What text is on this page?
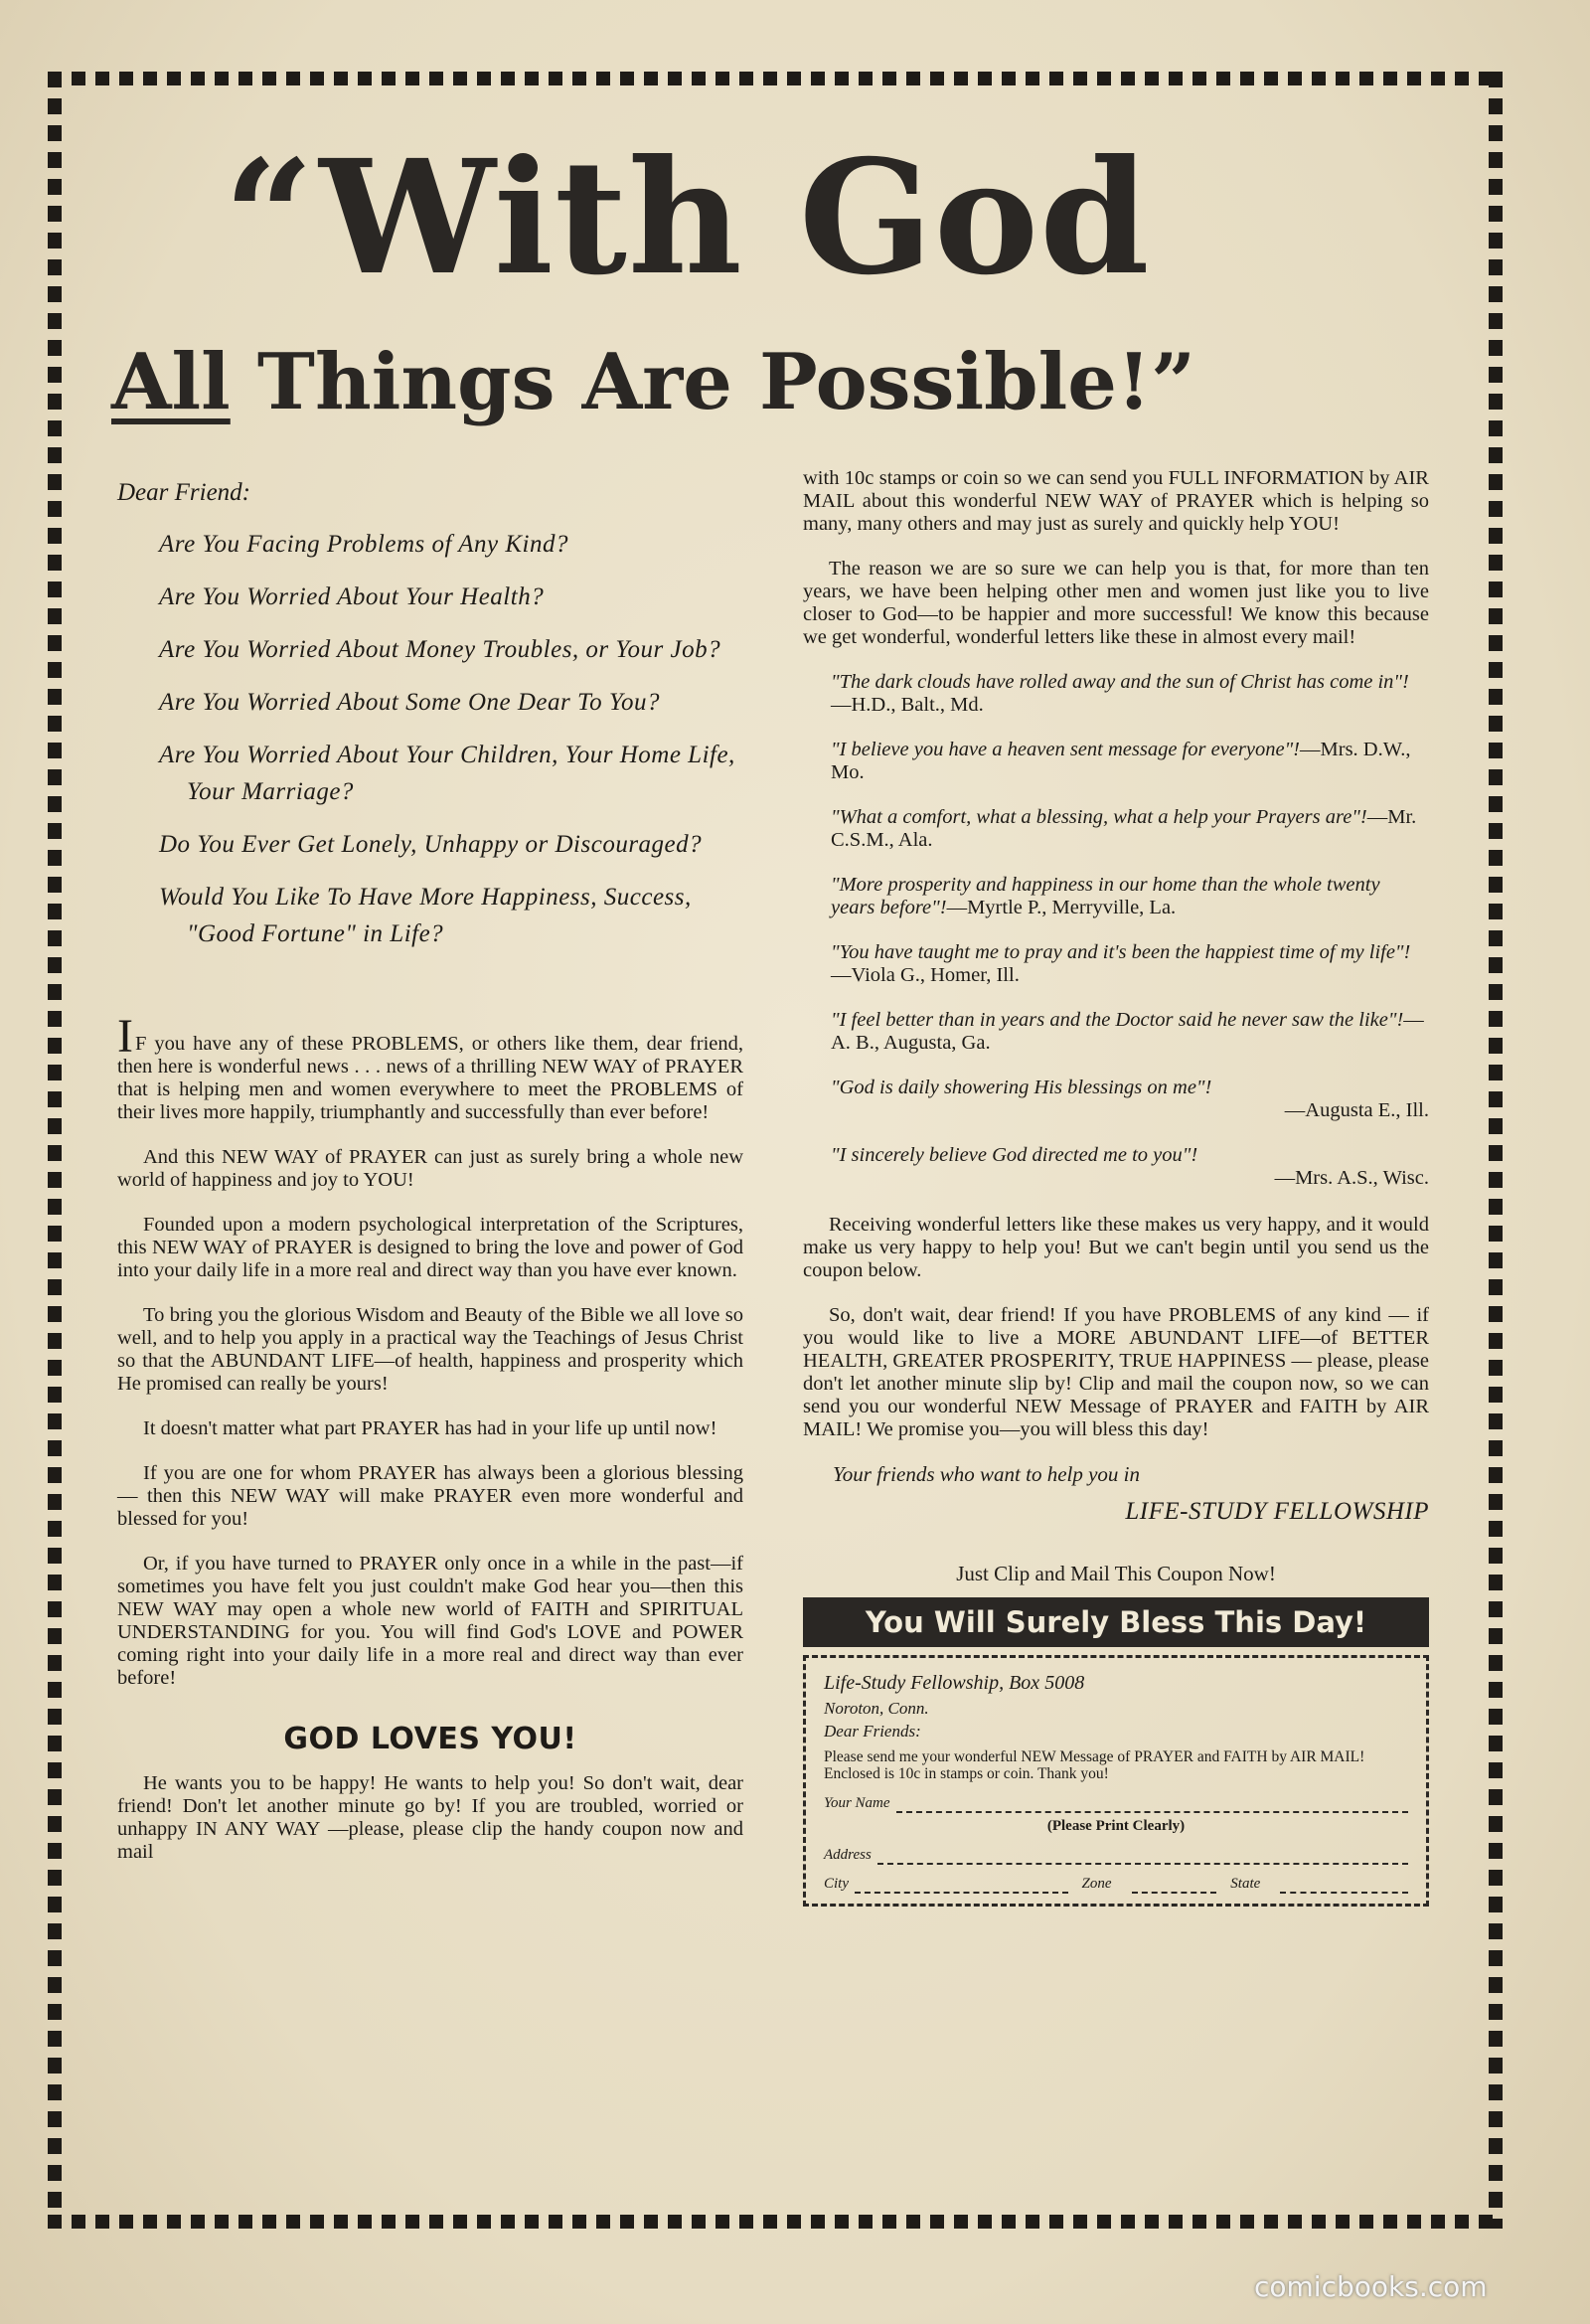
“With God
All Things Are Possible!”
Dear Friend:
Are You Facing Problems of Any Kind?
Are You Worried About Your Health?
Are You Worried About Money Troubles, or Your Job?
Are You Worried About Some One Dear To You?
Are You Worried About Your Children, Your Home Life, Your Marriage?
Do You Ever Get Lonely, Unhappy or Discouraged?
Would You Like To Have More Happiness, Success, "Good Fortune" in Life?

IF you have any of these PROBLEMS, or others like them, dear friend, then here is wonderful news . . . news of a thrilling NEW WAY of PRAYER that is helping men and women everywhere to meet the PROBLEMS of their lives more happily, triumphantly and successfully than ever before!

And this NEW WAY of PRAYER can just as surely bring a whole new world of happiness and joy to YOU!

Founded upon a modern psychological interpretation of the Scriptures, this NEW WAY of PRAYER is designed to bring the love and power of God into your daily life in a more real and direct way than you have ever known.

To bring you the glorious Wisdom and Beauty of the Bible we all love so well, and to help you apply in a practical way the Teachings of Jesus Christ so that the ABUNDANT LIFE—of health, happiness and prosperity which He promised can really be yours!

It doesn't matter what part PRAYER has had in your life up until now!

If you are one for whom PRAYER has always been a glorious blessing — then this NEW WAY will make PRAYER even more wonderful and blessed for you!

Or, if you have turned to PRAYER only once in a while in the past—if sometimes you have felt you just couldn't make God hear you—then this NEW WAY may open a whole new world of FAITH and SPIRITUAL UNDERSTANDING for you. You will find God's LOVE and POWER coming right into your daily life in a more real and direct way than ever before!

GOD LOVES YOU!

He wants you to be happy! He wants to help you! So don't wait, dear friend! Don't let another minute go by! If you are troubled, worried or unhappy IN ANY WAY —please, please clip the handy coupon now and mail

with 10c stamps or coin so we can send you FULL INFORMATION by AIR MAIL about this wonderful NEW WAY of PRAYER which is helping so many, many others and may just as surely and quickly help YOU!

The reason we are so sure we can help you is that, for more than ten years, we have been helping other men and women just like you to live closer to God—to be happier and more successful! We know this because we get wonderful, wonderful letters like these in almost every mail!

"The dark clouds have rolled away and the sun of Christ has come in"!—H.D., Balt., Md.
"I believe you have a heaven sent message for everyone"!—Mrs. D.W., Mo.
"What a comfort, what a blessing, what a help your Prayers are"!—Mr. C.S.M., Ala.
"More prosperity and happiness in our home than the whole twenty years before"!—Myrtle P., Merryville, La.
"You have taught me to pray and it's been the happiest time of my life"!—Viola G., Homer, Ill.
"I feel better than in years and the Doctor said he never saw the like"!—A. B., Augusta, Ga.
"God is daily showering His blessings on me"!
—Augusta E., Ill.
"I sincerely believe God directed me to you"!
—Mrs. A.S., Wisc.

Receiving wonderful letters like these makes us very happy, and it would make us very happy to help you! But we can't begin until you send us the coupon below.

So, don't wait, dear friend! If you have PROBLEMS of any kind — if you would like to live a MORE ABUNDANT LIFE—of BETTER HEALTH, GREATER PROSPERITY, TRUE HAPPINESS — please, please don't let another minute slip by! Clip and mail the coupon now, so we can send you our wonderful NEW Message of PRAYER and FAITH by AIR MAIL! We promise you—you will bless this day!

Your friends who want to help you in
LIFE-STUDY FELLOWSHIP
Just Clip and Mail This Coupon Now!
You Will Surely Bless This Day!
Life-Study Fellowship, Box 5008
Noroton, Conn.
Dear Friends:
Please send me your wonderful NEW Message of PRAYER and FAITH by AIR MAIL! Enclosed is 10c in stamps or coin. Thank you!
Your Name
(Please Print Clearly)
Address
City	Zone	State
comicbooks.com
